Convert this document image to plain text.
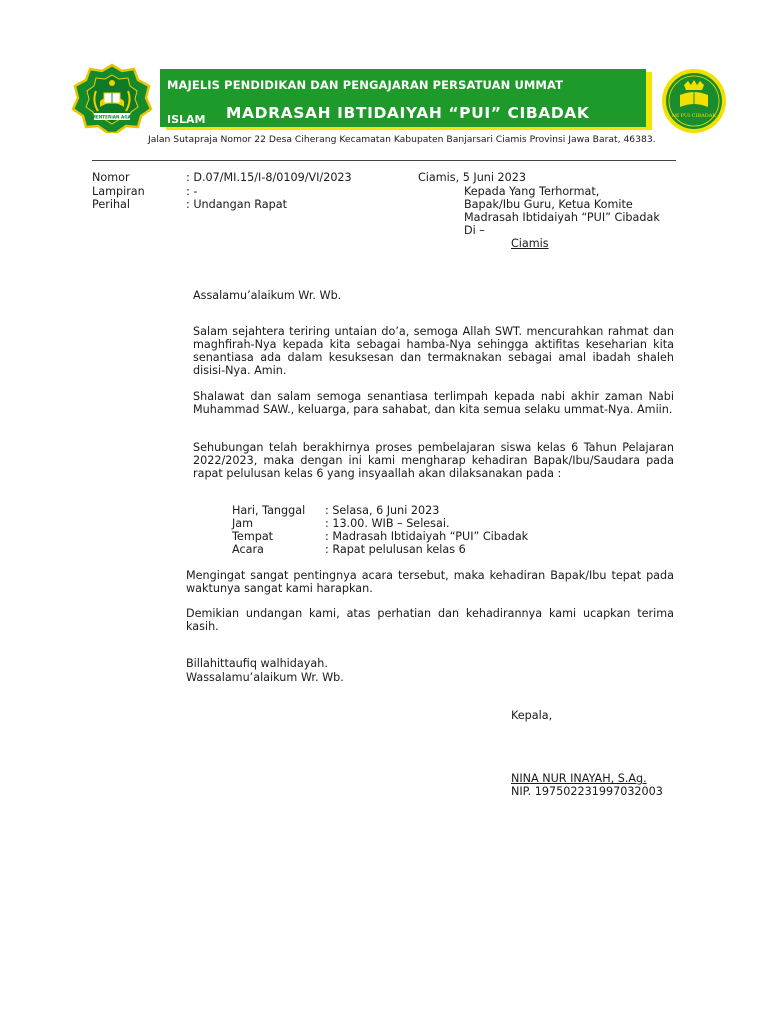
KEMENTERIAN AGAMA
MAJELIS PENDIDIKAN DAN PENGAJARAN PERSATUAN UMMAT
ISLAM MADRASAH IBTIDAIYAH “PUI” CIBADAK	MI PUI CIBADAK
Jalan Sutapraja Nomor 22 Desa Ciherang Kecamatan Kabupaten Banjarsari Ciamis Provinsi Jawa Barat, 46383.
Nomor	: D.07/MI.15/I-8/0109/VI/2023
Lampiran	: -
Perihal	: Undangan Rapat
Ciamis, 5 Juni 2023
Kepada Yang Terhormat,
Bapak/Ibu Guru, Ketua Komite
Madrasah Ibtidaiyah “PUI” Cibadak
Di –
Ciamis
Assalamu’alaikum Wr. Wb.
Salam sejahtera teriring untaian do’a, semoga Allah SWT. mencurahkan rahmat dan maghfirah-Nya kepada kita sebagai hamba-Nya sehingga aktifitas keseharian kita senantiasa ada dalam kesuksesan dan termaknakan sebagai amal ibadah shaleh disisi-Nya. Amin.
Shalawat dan salam semoga senantiasa terlimpah kepada nabi akhir zaman Nabi Muhammad SAW., keluarga, para sahabat, dan kita semua selaku ummat-Nya. Amiin.
Sehubungan telah berakhirnya proses pembelajaran siswa kelas 6 Tahun Pelajaran 2022/2023, maka dengan ini kami mengharap kehadiran Bapak/Ibu/Saudara pada rapat pelulusan kelas 6 yang insyaallah akan dilaksanakan pada :
Hari, Tanggal : Selasa, 6 Juni 2023
Jam	: 13.00. WIB – Selesai.
Tempat	: Madrasah Ibtidaiyah “PUI” Cibadak
Acara	: Rapat pelulusan kelas 6
Mengingat sangat pentingnya acara tersebut, maka kehadiran Bapak/Ibu tepat pada waktunya sangat kami harapkan.
Demikian undangan kami, atas perhatian dan kehadirannya kami ucapkan terima kasih.
Billahittaufiq walhidayah.
Wassalamu’alaikum Wr. Wb.
Kepala,
NINA NUR INAYAH, S.Ag.
NIP. 197502231997032003
